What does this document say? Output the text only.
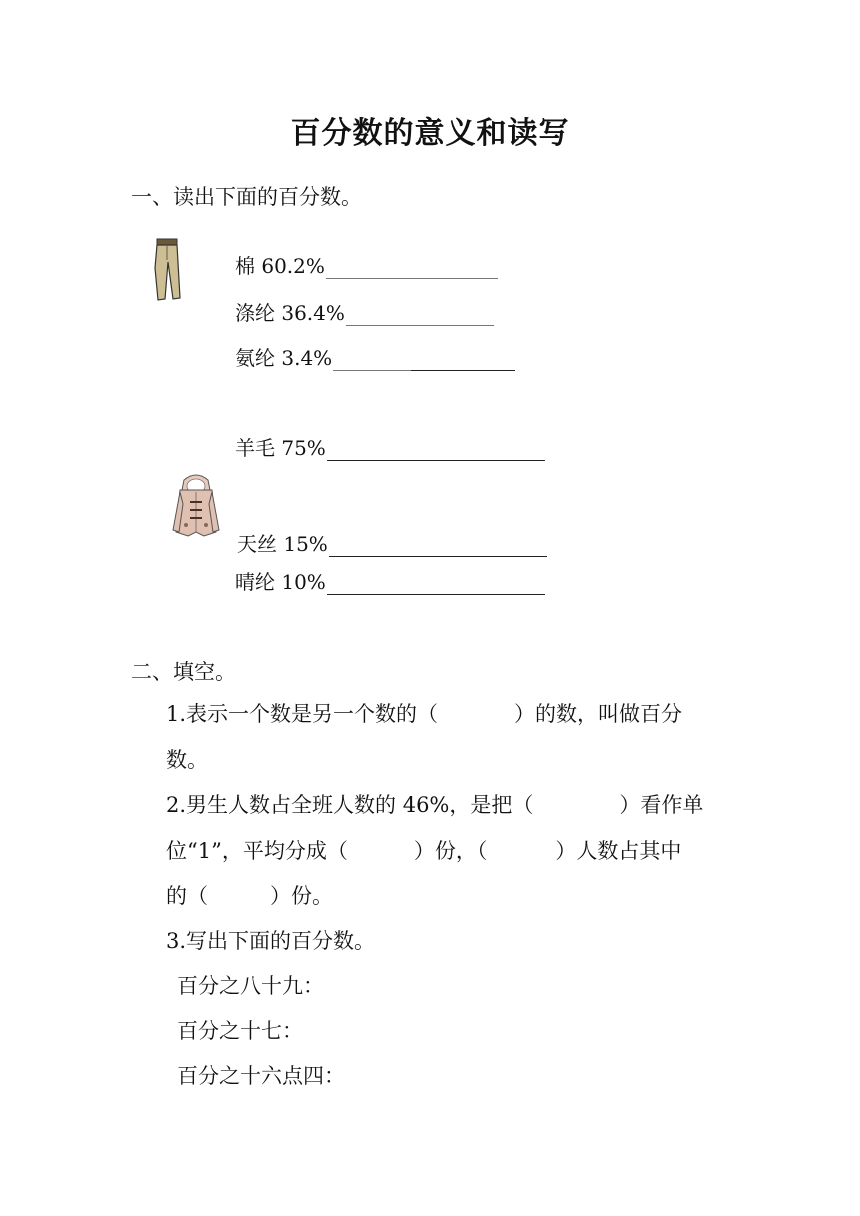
百分数的意义和读写
一、读出下面的百分数。
棉 60.2%
涤纶 36.4%
氨纶 3.4%
羊毛 75%
天丝 15%
晴纶 10%
二、填空。
1.表示一个数是另一个数的（	）的数，叫做百分
数。
2.男生人数占全班人数的 46%，是把（	）看作单
位“1”，平均分成（	）份，（	）人数占其中
的（	）份。
3.写出下面的百分数。
百分之八十九：
百分之十七：
百分之十六点四：
